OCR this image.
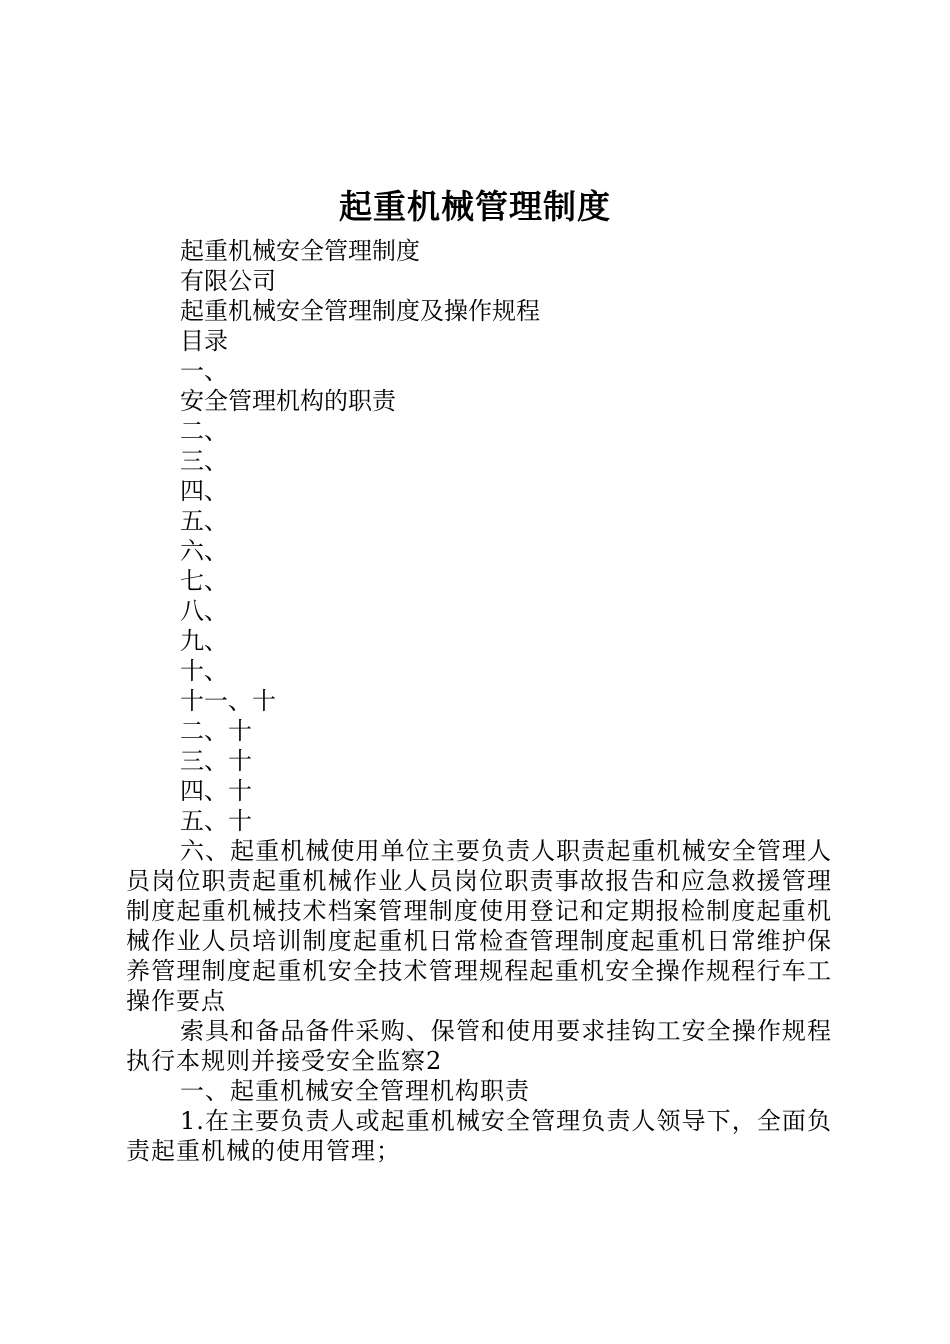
起重机械管理制度

起重机械安全管理制度

有限公司

起重机械安全管理制度及操作规程

目录

一、

安全管理机构的职责

二、

三、

四、

五、

六、

七、

八、

九、

十、

十一、十

二、十

三、十

四、十

五、十

六、起重机械使用单位主要负责人职责起重机械安全管理人员岗位职责起重机械作业人员岗位职责事故报告和应急救援管理制度起重机械技术档案管理制度使用登记和定期报检制度起重机械作业人员培训制度起重机日常检查管理制度起重机日常维护保养管理制度起重机安全技术管理规程起重机安全操作规程行车工操作要点

索具和备品备件采购、保管和使用要求挂钩工安全操作规程执行本规则并接受安全监察2

一、起重机械安全管理机构职责

1.在主要负责人或起重机械安全管理负责人领导下，全面负责起重机械的使用管理；
